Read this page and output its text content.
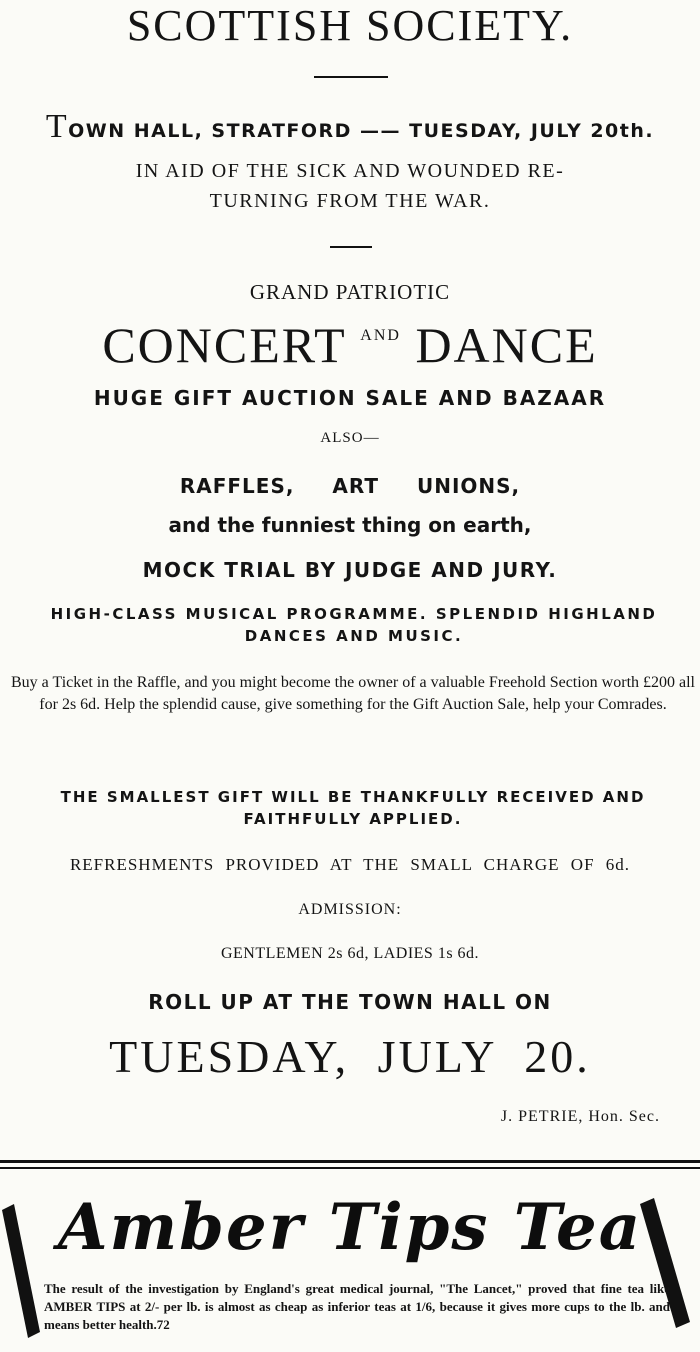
SCOTTISH SOCIETY.
TOWN HALL, STRATFORD —— TUESDAY, JULY 20th.
IN AID OF THE SICK AND WOUNDED RE-
TURNING FROM THE WAR.
GRAND PATRIOTIC
CONCERT $^{AND}$ DANCE
HUGE GIFT AUCTION SALE AND BAZAAR
ALSO—
RAFFLES, ART UNIONS,
and the funniest thing on earth,
MOCK TRIAL BY JUDGE AND JURY.
HIGH-CLASS MUSICAL PROGRAMME. SPLENDID HIGHLAND DANCES AND MUSIC.
Buy a Ticket in the Raffle, and you might become the owner of a valuable Freehold Section worth £200 all for 2s 6d. Help the splendid cause, give something for the Gift Auction Sale, help your Comrades.
THE SMALLEST GIFT WILL BE THANKFULLY RECEIVED AND FAITHFULLY APPLIED.
REFRESHMENTS PROVIDED AT THE SMALL CHARGE OF 6d.
ADMISSION:
GENTLEMEN 2s 6d, LADIES 1s 6d.
ROLL UP AT THE TOWN HALL ON
TUESDAY, JULY 20.
J. PETRIE, Hon. Sec.
Amber Tips Tea
The result of the investigation by England's great medical journal, "The Lancet," proved that fine tea like AMBER TIPS at 2/- per lb. is almost as cheap as inferior teas at 1/6, because it gives more cups to the lb. and means better health.72
